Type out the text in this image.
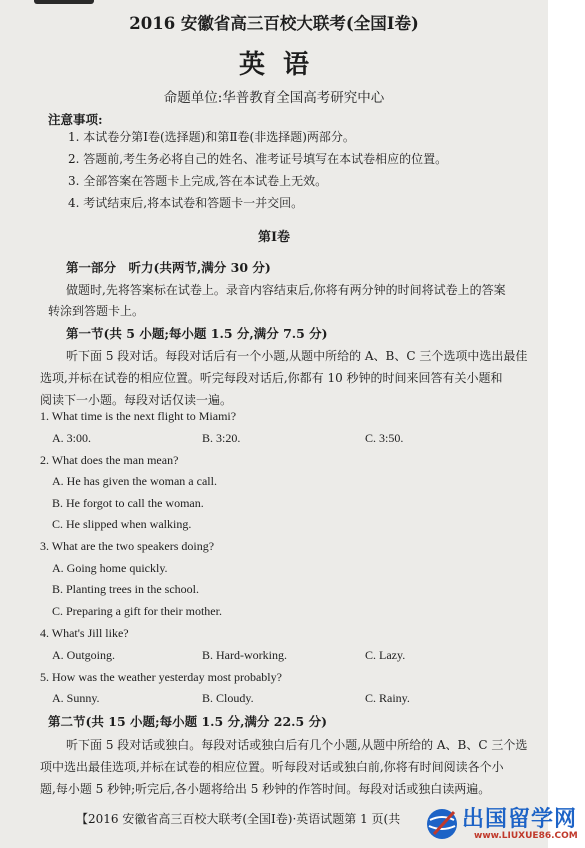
2016 安徽省高三百校大联考(全国Ⅰ卷)
英语
命题单位:华普教育全国高考研究中心
注意事项:
1. 本试卷分第Ⅰ卷(选择题)和第Ⅱ卷(非选择题)两部分。
2. 答题前,考生务必将自己的姓名、准考证号填写在本试卷相应的位置。
3. 全部答案在答题卡上完成,答在本试卷上无效。
4. 考试结束后,将本试卷和答题卡一并交回。
第Ⅰ卷
第一部分　听力(共两节,满分 30 分)
做题时,先将答案标在试卷上。录音内容结束后,你将有两分钟的时间将试卷上的答案
转涂到答题卡上。
第一节(共 5 小题;每小题 1.5 分,满分 7.5 分)
听下面 5 段对话。每段对话后有一个小题,从题中所给的 A、B、C 三个选项中选出最佳
选项,并标在试卷的相应位置。听完每段对话后,你都有 10 秒钟的时间来回答有关小题和
阅读下一小题。每段对话仅读一遍。
1. What time is the next flight to Miami?
A. 3:00.	B. 3:20.	C. 3:50.
2. What does the man mean?
A. He has given the woman a call.
B. He forgot to call the woman.
C. He slipped when walking.
3. What are the two speakers doing?
A. Going home quickly.
B. Planting trees in the school.
C. Preparing a gift for their mother.
4. What's Jill like?
A. Outgoing.	B. Hard-working.	C. Lazy.
5. How was the weather yesterday most probably?
A. Sunny.	B. Cloudy.	C. Rainy.
第二节(共 15 小题;每小题 1.5 分,满分 22.5 分)
听下面 5 段对话或独白。每段对话或独白后有几个小题,从题中所给的 A、B、C 三个选
项中选出最佳选项,并标在试卷的相应位置。听每段对话或独白前,你将有时间阅读各个小
题,每小题 5 秒钟;听完后,各小题将给出 5 秒钟的作答时间。每段对话或独白读两遍。
【2016 安徽省高三百校大联考(全国Ⅰ卷)·英语试题第 1 页(共	出国留学网
www.LIUXUE86.COM
